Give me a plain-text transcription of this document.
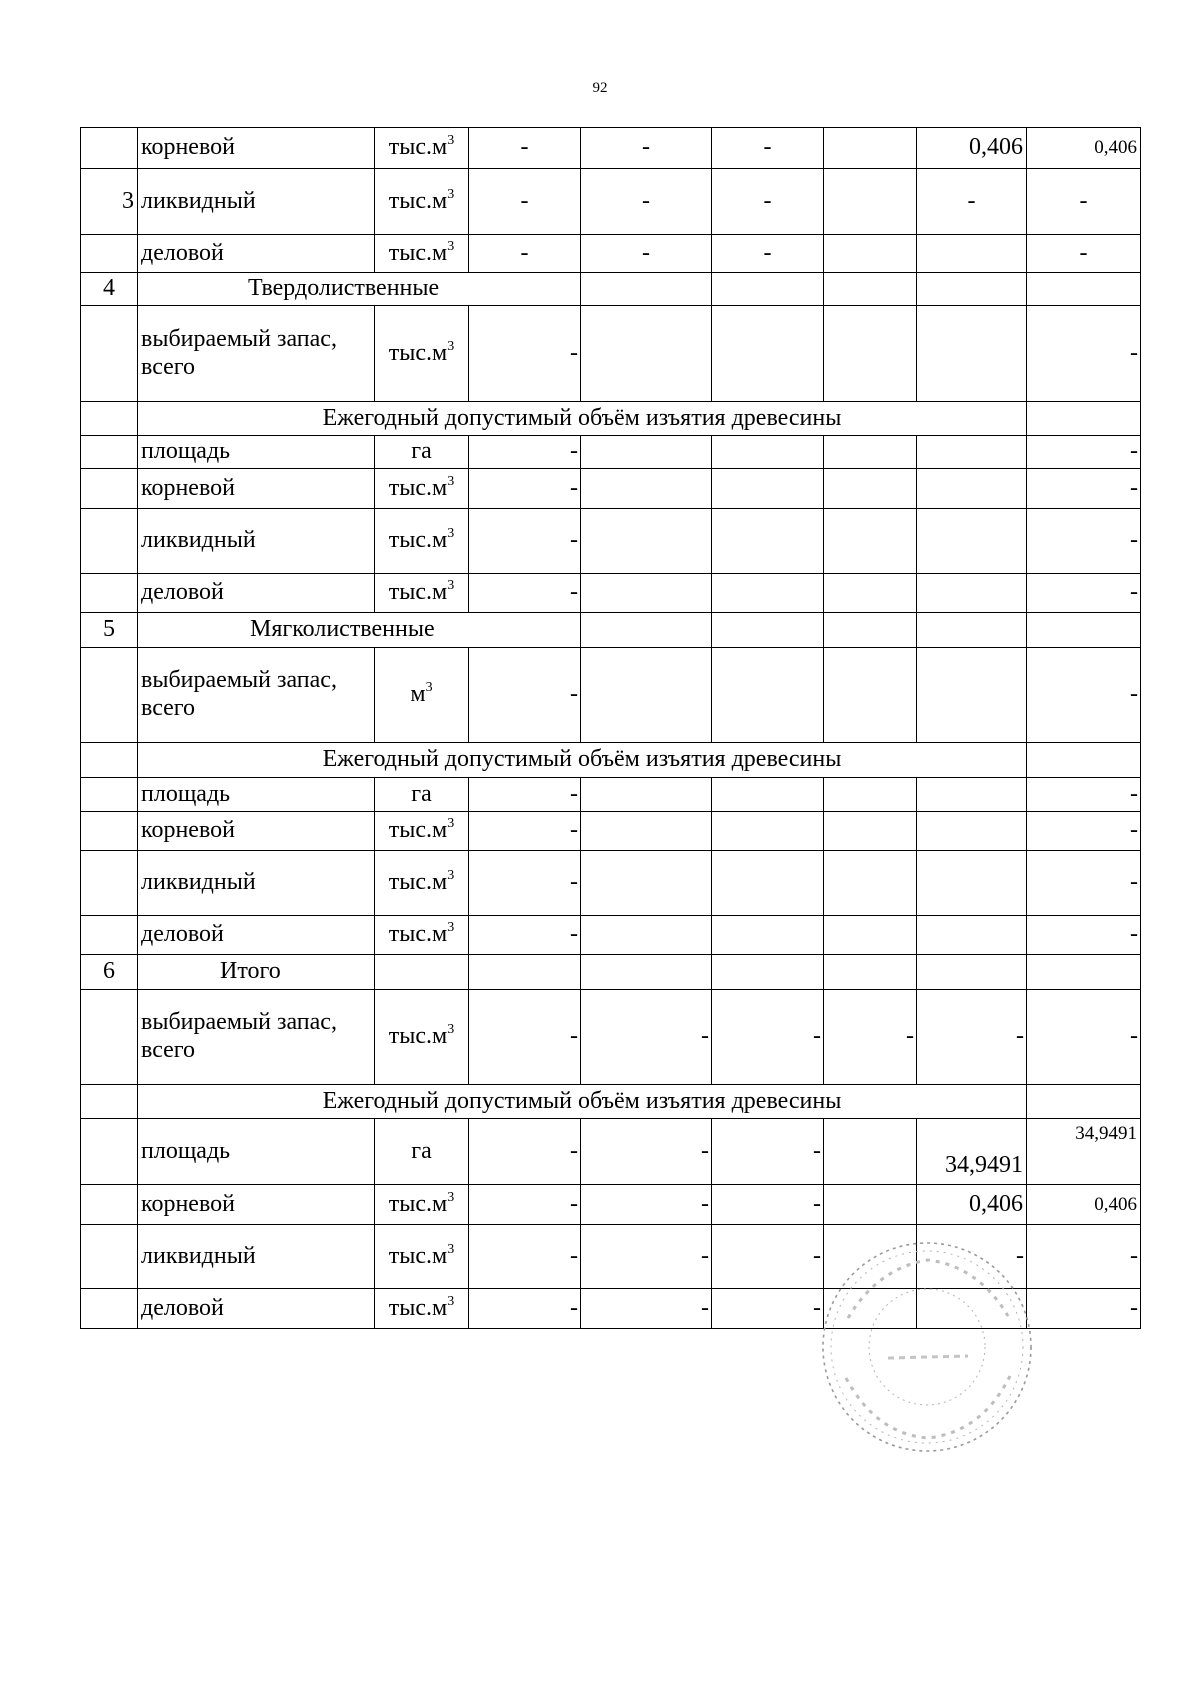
92
	корневой	$тыс.м^3$	-	-	-		0,406	0,406
3	ликвидный	$тыс.м^3$	-	-	-		-	-
	деловой	$тыс.м^3$	-	-	-			-
4	Твердолиственные							
	выбираемый запас, всего	$тыс.м^3$	-					-
	Ежегодный допустимый объём изъятия древесины							
	площадь	га	-					-
	корневой	$тыс.м^3$	-					-
	ликвидный	$тыс.м^3$	-					-
	деловой	$тыс.м^3$	-					-
5	Мягколиственные							
	выбираемый запас, всего	$м^3$	-					-
	Ежегодный допустимый объём изъятия древесины							
	площадь	га	-					-
	корневой	$тыс.м^3$	-					-
	ликвидный	$тыс.м^3$	-					-
	деловой	$тыс.м^3$	-					-
6	Итого							
	выбираемый запас, всего	$тыс.м^3$	-	-	-	-	-	-
	Ежегодный допустимый объём изъятия древесины							
	площадь	га	-	-	-		34,9491	34,9491
	корневой	$тыс.м^3$	-	-	-		0,406	0,406
	ликвидный	$тыс.м^3$	-	-	-		-	-
	деловой	$тыс.м^3$	-	-	-			-
